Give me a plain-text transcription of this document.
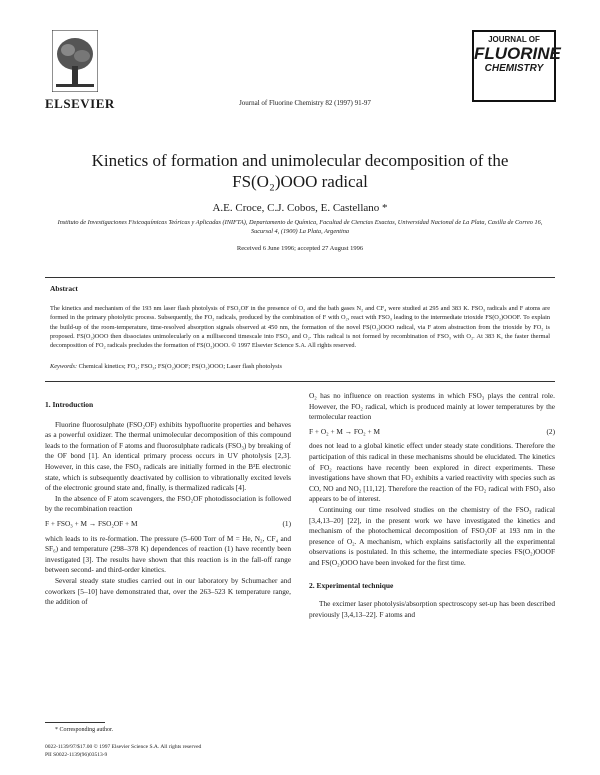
ELSEVIER	Journal of Fluorine Chemistry 82 (1997) 91-97
JOURNAL OF
FLUORINE
CHEMISTRY
Kinetics of formation and unimolecular decomposition of the
FS(O₂)OOO radical
A.E. Croce, C.J. Cobos, E. Castellano *
Instituto de Investigaciones Fisicoquímicas Teóricas y Aplicadas (INIFTA), Departamento de Química, Facultad de Ciencias Exactas, Universidad Nacional de La Plata, Casilla de Correo 16, Sucursal 4, (1900) La Plata, Argentina
Received 6 June 1996; accepted 27 August 1996
Abstract
The kinetics and mechanism of the 193 nm laser flash photolysis of FSO₂OF in the presence of O₂ and the bath gases N₂ and CF₄ were studied at 295 and 383 K. FSO₃ radicals and F atoms are formed in the primary photolytic process. Subsequently, the FO₂ radicals, produced by the combination of F with O₂, react with FSO₃ leading to the intermediate trioxide FS(O₂)OOOF. To explain the build-up of the room-temperature, time-resolved absorption signals observed at 450 nm, the formation of the novel FS(O₂)OOO radical, via F atom abstraction from the trioxide by FO₂ is proposed. FS(O₂)OOO then dissociates unimolecularly on a millisecond timescale into FSO₃ and O₂. This radical is not formed by recombination of FSO₃ with O₂. At 383 K, the faster thermal decomposition of FO₂ radicals precludes the formation of FS(O₂)OOO. © 1997 Elsevier Science S.A. All rights reserved.
Keywords: Chemical kinetics; FO₂; FSO₃; FS(O₂)OOF; FS(O₂)OOO; Laser flash photolysis
1. Introduction

Fluorine fluorosulphate (FSO₂OF) exhibits hypofluorite properties and behaves as a powerful oxidizer. The thermal unimolecular decomposition of this compound leads to the formation of F atoms and fluorosulphate radicals (FSO₃) by breaking of the OF bond [1]. An identical primary process occurs in UV photolysis [2,3]. However, in this case, the FSO₃ radicals are initially formed in the B²E electronic state, which is subsequently deactivated by collision to vibrationally excited levels of the electronic ground state and, finally, is thermalized radicals [4].

In the absence of F atom scavengers, the FSO₂OF photodissociation is followed by the recombination reaction

F + FSO₃ + M → FSO₂OF + M	(1)

which leads to its re-formation. The pressure (5–600 Torr of M = He, N₂, CF₄ and SF₆) and temperature (298–378 K) dependences of reaction (1) have recently been investigated [3]. The results have shown that this reaction is in the fall-off range between second- and third-order kinetics.

Several steady state studies carried out in our laboratory by Schumacher and coworkers [5–10] have demonstrated that, over the 263–523 K temperature range, the addition of

* Corresponding author.
0022-1139/97/$17.00 © 1997 Elsevier Science S.A. All rights reserved
PII S0022-1139(96)03513-9

O₂ has no influence on reaction systems in which FSO₃ plays the central role. However, the FO₂ radical, which is produced mainly at lower temperatures by the termolecular reaction

F + O₂ + M → FO₂ + M	(2)

does not lead to a global kinetic effect under steady state conditions. Therefore the participation of this radical in these mechanisms should be elucidated. The kinetics of FO₂ reactions have recently been explored in direct experiments. These investigations have shown that FO₂ exhibits a varied reactivity with species such as CO, NO and NO₂ [11,12]. Therefore the reaction of the FO₂ radical with FSO₃ also appears to be of interest.

Continuing our time resolved studies on the chemistry of the FSO₃ radical [3,4,13–20] [22], in the present work we have investigated the kinetics and mechanism of the photochemical decomposition of FSO₂OF at 193 nm in the presence of O₂. A mechanism, which explains satisfactorily all the experimental observations is postulated. In this scheme, the intermediate species FS(O₂)OOOF and FS(O₂)OOO have been invoked for the first time.

2. Experimental technique

The excimer laser photolysis/absorption spectroscopy set-up has been described previously [3,4,13–22]. F atoms and
